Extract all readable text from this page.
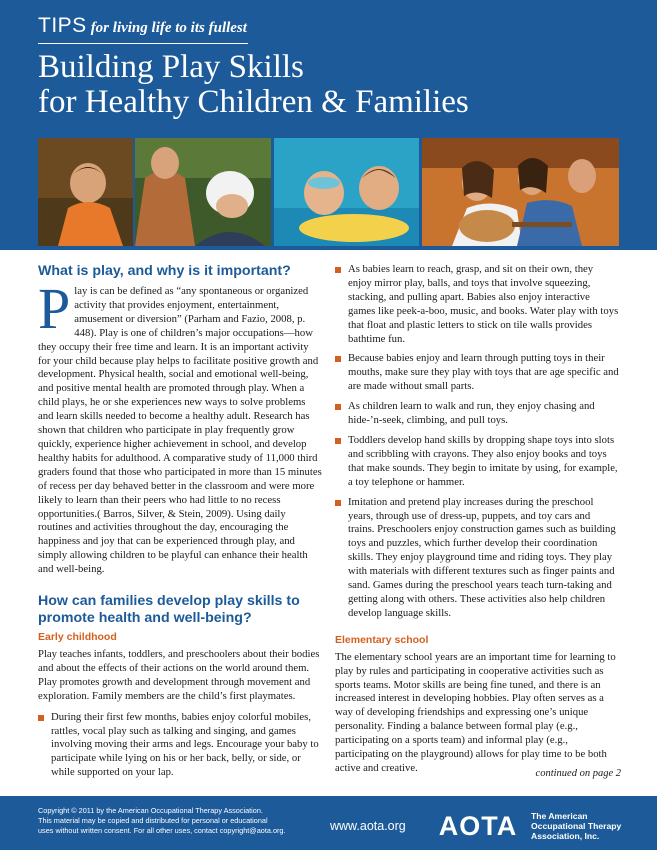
TIPS for living life to its fullest
Building Play Skills
for Healthy Children & Families
What is play, and why is it important?
P lay is can be defined as “any spontaneous or organized activity that provides enjoyment, entertainment, amusement or diversion” (Parham and Fazio, 2008, p. 448). Play is one of children’s major occupations—how they occupy their free time and learn. It is an important activity for your child because play helps to facilitate positive growth and development. Physical health, social and emotional well-being, and positive mental health are promoted through play. When a child plays, he or she experiences new ways to solve problems and learn skills needed to become a healthy adult. Research has shown that children who participate in play frequently grow quickly, experience higher achievement in school, and develop healthy habits for adulthood. A comparative study of 11,000 third graders found that those who participated in more than 15 minutes of recess per day behaved better in the classroom and were more likely to learn than their peers who had little to no recess opportunities.( Barros, Silver, & Stein, 2009). Using daily routines and activities throughout the day, encouraging the happiness and joy that can be experienced through play, and simply allowing children to be playful can enhance their health and well-being.

How can families develop play skills to promote health and well-being?
Early childhood

Play teaches infants, toddlers, and preschoolers about their bodies and about the effects of their actions on the world around them. Play promotes growth and development through movement and exploration. Family members are the child’s first playmates.

During their first few months, babies enjoy colorful mobiles, rattles, vocal play such as talking and singing, and games involving moving their arms and legs. Encourage your baby to participate while lying on his or her back, belly, or side, or while supported on your lap.
As babies learn to reach, grasp, and sit on their own, they enjoy mirror play, balls, and toys that involve squeezing, stacking, and pulling apart. Babies also enjoy interactive games like peek-a-boo, music, and books. Water play with toys that float and plastic letters to stick on tile walls provides bathtime fun.
Because babies enjoy and learn through putting toys in their mouths, make sure they play with toys that are age specific and are made without small parts.
As children learn to walk and run, they enjoy chasing and hide-’n-seek, climbing, and pull toys.
Toddlers develop hand skills by dropping shape toys into slots and scribbling with crayons. They also enjoy books and toys that make sounds. They begin to imitate by using, for example, a toy telephone or hammer.
Imitation and pretend play increases during the preschool years, through use of dress-up, puppets, and toy cars and trains. Preschoolers enjoy construction games such as building toys and puzzles, which further develop their coordination skills. They enjoy playground time and riding toys. They play with materials with different textures such as finger paints and sand. Games during the preschool years teach turn-taking and getting along with others. These activities also help children develop language skills.
Elementary school

The elementary school years are an important time for learning to play by rules and participating in cooperative activities such as sports teams. Motor skills are being fine tuned, and there is an increased interest in developing hobbies. Play often serves as a way of developing friendships and expressing one’s unique personality. Finding a balance between formal play (e.g., participating on a sports team) and informal play (e.g., participating on the playground) allows for play time to be both active and creative.	continued on page 2
Copyright © 2011 by the American Occupational Therapy Association.
This material may be copied and distributed for personal or educational
uses without written consent. For all other uses, contact copyright@aota.org.	www.aota.org AOTA The American
Occupational Therapy
Association, Inc.
